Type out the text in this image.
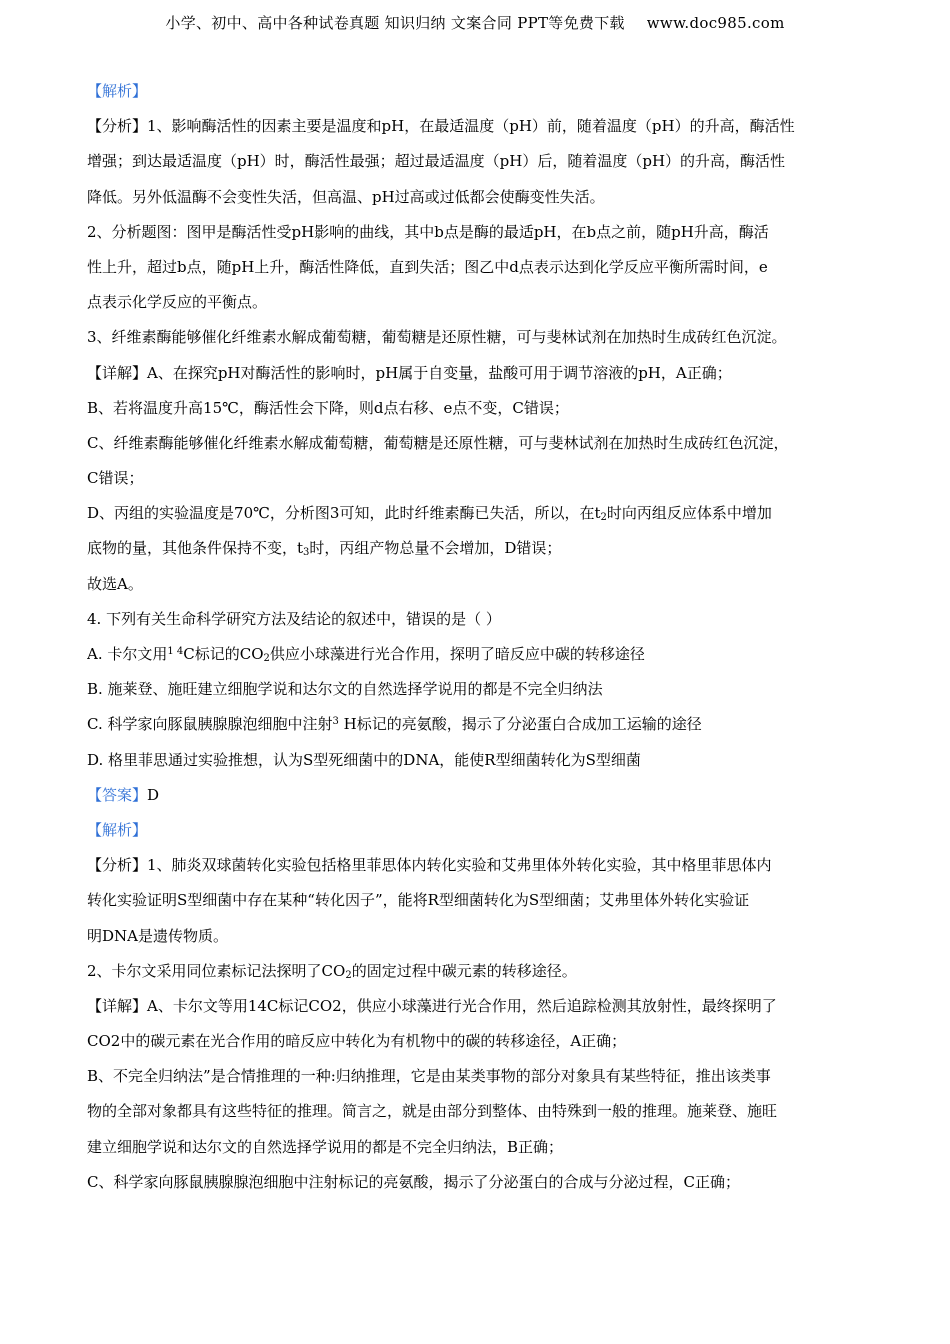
小学、初中、高中各种试卷真题 知识归纳 文案合同 PPT等免费下载 www.doc985.com
【解析】
【分析】1、影响酶活性的因素主要是温度和pH，在最适温度（pH）前，随着温度（pH）的升高，酶活性
增强；到达最适温度（pH）时，酶活性最强；超过最适温度（pH）后，随着温度（pH）的升高，酶活性
降低。另外低温酶不会变性失活，但高温、pH过高或过低都会使酶变性失活。
2、分析题图：图甲是酶活性受pH影响的曲线，其中b点是酶的最适pH，在b点之前，随pH升高，酶活
性上升，超过b点，随pH上升，酶活性降低，直到失活；图乙中d点表示达到化学反应平衡所需时间，e
点表示化学反应的平衡点。
3、纤维素酶能够催化纤维素水解成葡萄糖，葡萄糖是还原性糖，可与斐林试剂在加热时生成砖红色沉淀。
【详解】A、在探究pH对酶活性的影响时，pH属于自变量，盐酸可用于调节溶液的pH，A正确；
B、若将温度升高15℃，酶活性会下降，则d点右移、e点不变，C错误；
C、纤维素酶能够催化纤维素水解成葡萄糖，葡萄糖是还原性糖，可与斐林试剂在加热时生成砖红色沉淀，
C错误；
D、丙组的实验温度是70℃，分析图3可知，此时纤维素酶已失活，所以，在$t_2$时向丙组反应体系中增加
底物的量，其他条件保持不变，$t_3$时，丙组产物总量不会增加，D错误；
故选A。
4. 下列有关生命科学研究方法及结论的叙述中，错误的是（ ）
A. 卡尔文用$^{1 4}$C标记的$CO_2$供应小球藻进行光合作用，探明了暗反应中碳的转移途径
B. 施莱登、施旺建立细胞学说和达尔文的自然选择学说用的都是不完全归纳法
C. 科学家向豚鼠胰腺腺泡细胞中注射$^3$ H标记的亮氨酸，揭示了分泌蛋白合成加工运输的途径
D. 格里菲思通过实验推想，认为S型死细菌中的DNA，能使R型细菌转化为S型细菌
【答案】D
【解析】
【分析】1、肺炎双球菌转化实验包括格里菲思体内转化实验和艾弗里体外转化实验，其中格里菲思体内
转化实验证明S型细菌中存在某种“转化因子”，能将R型细菌转化为S型细菌；艾弗里体外转化实验证
明DNA是遗传物质。
2、卡尔文采用同位素标记法探明了$CO_2$的固定过程中碳元素的转移途径。
【详解】A、卡尔文等用14C标记CO2，供应小球藻进行光合作用，然后追踪检测其放射性，最终探明了
CO2中的碳元素在光合作用的暗反应中转化为有机物中的碳的转移途径，A正确；
B、不完全归纳法”是合情推理的一种:归纳推理，它是由某类事物的部分对象具有某些特征，推出该类事
物的全部对象都具有这些特征的推理。简言之，就是由部分到整体、由特殊到一般的推理。施莱登、施旺
建立细胞学说和达尔文的自然选择学说用的都是不完全归纳法，B正确；
C、科学家向豚鼠胰腺腺泡细胞中注射标记的亮氨酸，揭示了分泌蛋白的合成与分泌过程，C正确；
